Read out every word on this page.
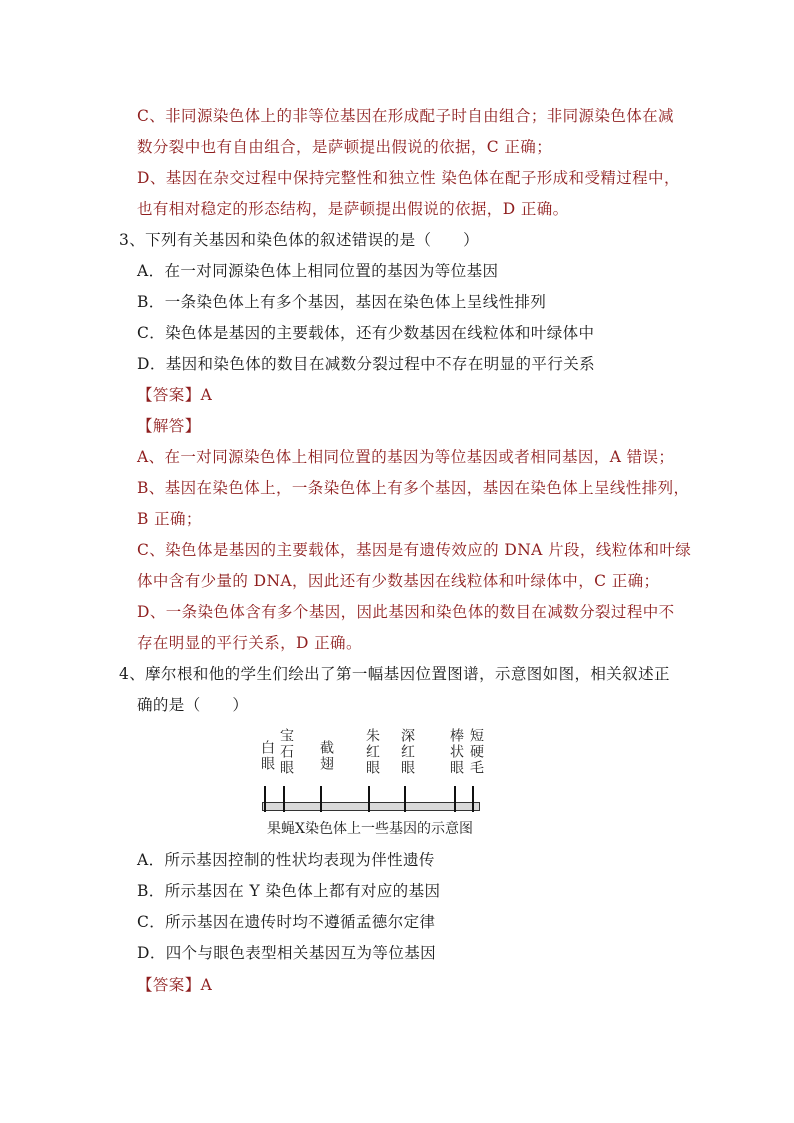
C、非同源染色体上的非等位基因在形成配子时自由组合；非同源染色体在减
数分裂中也有自由组合，是萨顿提出假说的依据，C 正确；
D、基因在杂交过程中保持完整性和独立性 染色体在配子形成和受精过程中，
也有相对稳定的形态结构，是萨顿提出假说的依据，D 正确。
3、下列有关基因和染色体的叙述错误的是（　　）
A．在一对同源染色体上相同位置的基因为等位基因
B．一条染色体上有多个基因，基因在染色体上呈线性排列
C．染色体是基因的主要载体，还有少数基因在线粒体和叶绿体中
D．基因和染色体的数目在减数分裂过程中不存在明显的平行关系
【答案】A
【解答】
A、在一对同源染色体上相同位置的基因为等位基因或者相同基因，A 错误；
B、基因在染色体上，一条染色体上有多个基因，基因在染色体上呈线性排列，
B 正确；
C、染色体是基因的主要载体，基因是有遗传效应的 DNA 片段，线粒体和叶绿
体中含有少量的 DNA，因此还有少数基因在线粒体和叶绿体中，C 正确；
D、一条染色体含有多个基因，因此基因和染色体的数目在减数分裂过程中不
存在明显的平行关系，D 正确。
4、摩尔根和他的学生们绘出了第一幅基因位置图谱，示意图如图，相关叙述正
确的是（　　）
白眼 宝石眼 截翅 朱红眼 深红眼 棒状眼 短硬毛
果蝇X染色体上一些基因的示意图
A．所示基因控制的性状均表现为伴性遗传
B．所示基因在 Y 染色体上都有对应的基因
C．所示基因在遗传时均不遵循孟德尔定律
D．四个与眼色表型相关基因互为等位基因
【答案】A
